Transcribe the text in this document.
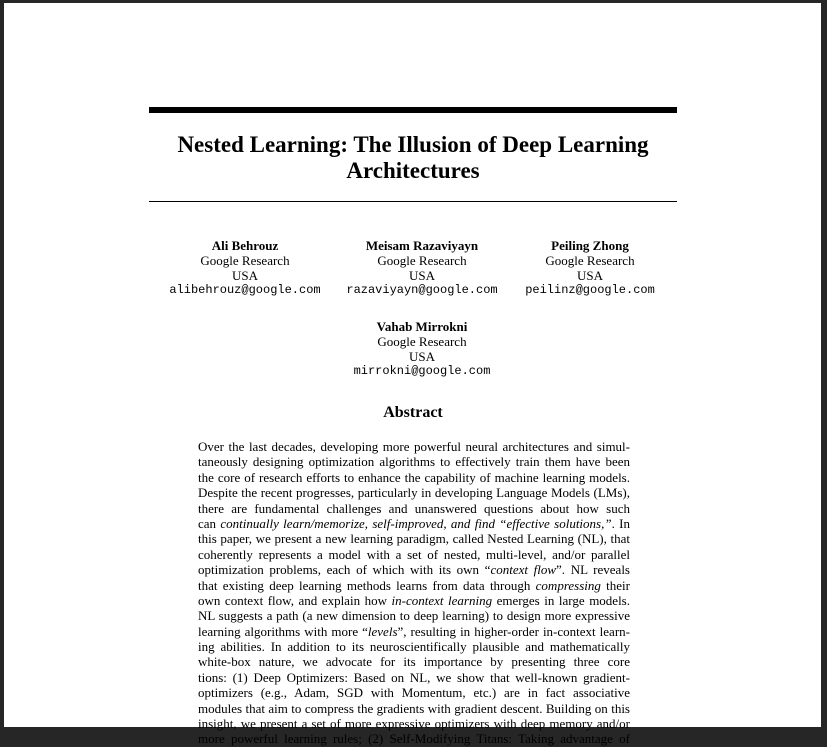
Nested Learning: The Illusion of Deep Learning
Architectures
Ali Behrouz
Google Research
USA
alibehrouz@google.com
Meisam Razaviyayn
Google Research
USA
razaviyayn@google.com
Peiling Zhong
Google Research
USA
peilinz@google.com
Vahab Mirrokni
Google Research
USA
mirrokni@google.com
Abstract
Over the last decades, developing more powerful neural architectures and simul-
taneously designing optimization algorithms to effectively train them have been
the core of research efforts to enhance the capability of machine learning models.
Despite the recent progresses, particularly in developing Language Models (LMs),
there are fundamental challenges and unanswered questions about how such
can continually learn/memorize, self-improved, and find “effective solutions,”. In
this paper, we present a new learning paradigm, called Nested Learning (NL), that
coherently represents a model with a set of nested, multi-level, and/or parallel
optimization problems, each of which with its own “context flow”. NL reveals
that existing deep learning methods learns from data through compressing their
own context flow, and explain how in-context learning emerges in large models.
NL suggests a path (a new dimension to deep learning) to design more expressive
learning algorithms with more “levels”, resulting in higher-order in-context learn-
ing abilities. In addition to its neuroscientifically plausible and mathematically
white-box nature, we advocate for its importance by presenting three core
tions: (1) Deep Optimizers: Based on NL, we show that well-known gradient-
optimizers (e.g., Adam, SGD with Momentum, etc.) are in fact associative
modules that aim to compress the gradients with gradient descent. Building on this
insight, we present a set of more expressive optimizers with deep memory and/or
more powerful learning rules; (2) Self-Modifying Titans: Taking advantage of
